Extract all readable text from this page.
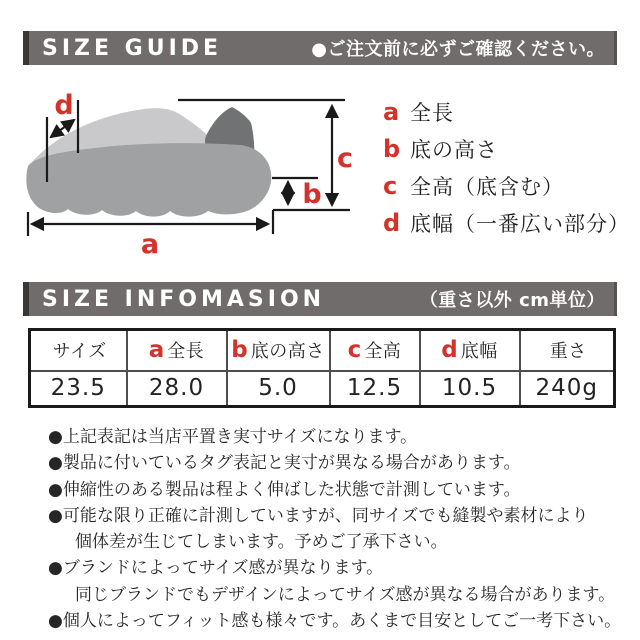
SIZE GUIDE	●ご注文前に必ずご確認ください。
a
b
c
d	a 全長
b 底の高さ
c 全高（底含む）
d 底幅（一番広い部分）
SIZE INFOMASION	（重さ以外 cm単位）
サイズ	a 全長	b 底の高さ	c 全高	d 底幅	重さ
23.5	28.0	5.0	12.5	10.5	240g
●上記表記は当店平置き実寸サイズになります。
●製品に付いているタグ表記と実寸が異なる場合があります。
●伸縮性のある製品は程よく伸ばした状態で計測しています。
●可能な限り正確に計測していますが、同サイズでも縫製や素材により
個体差が生じてしまいます。予めご了承下さい。
●ブランドによってサイズ感が異なります。
同じブランドでもデザインによってサイズ感が異なる場合があります。
●個人によってフィット感も様々です。あくまで目安としてご一考下さい。
